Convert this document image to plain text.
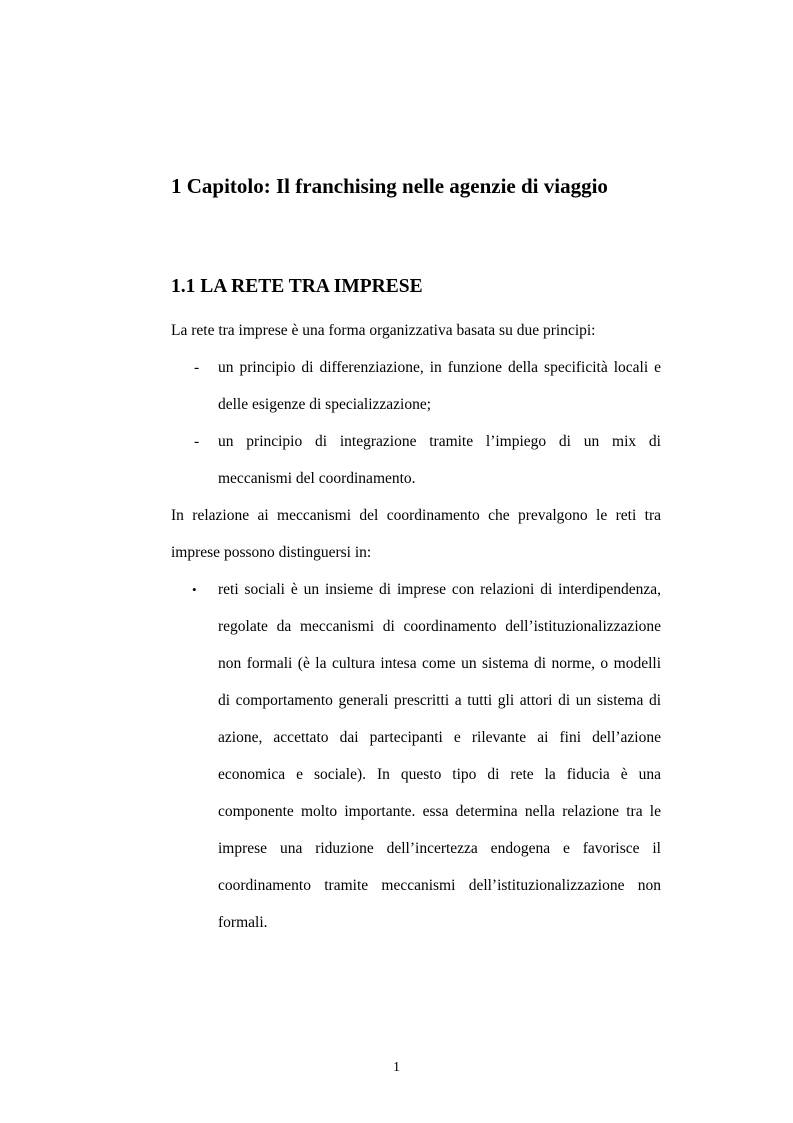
1 Capitolo: Il franchising nelle agenzie di viaggio
1.1 LA RETE TRA IMPRESE

La rete tra imprese è una forma organizzativa basata su due principi:

- un principio di differenziazione, in funzione della specificità locali e

delle esigenze di specializzazione;

- un principio di integrazione tramite l’impiego di un mix di

meccanismi del coordinamento.

In relazione ai meccanismi del coordinamento che prevalgono le reti tra

imprese possono distinguersi in:

• reti sociali è un insieme di imprese con relazioni di interdipendenza,

regolate da meccanismi di coordinamento dell’istituzionalizzazione

non formali (è la cultura intesa come un sistema di norme, o modelli

di comportamento generali prescritti a tutti gli attori di un sistema di

azione, accettato dai partecipanti e rilevante ai fini dell’azione

economica e sociale). In questo tipo di rete la fiducia è una

componente molto importante. essa determina nella relazione tra le

imprese una riduzione dell’incertezza endogena e favorisce il

coordinamento tramite meccanismi dell’istituzionalizzazione non

formali.

1
